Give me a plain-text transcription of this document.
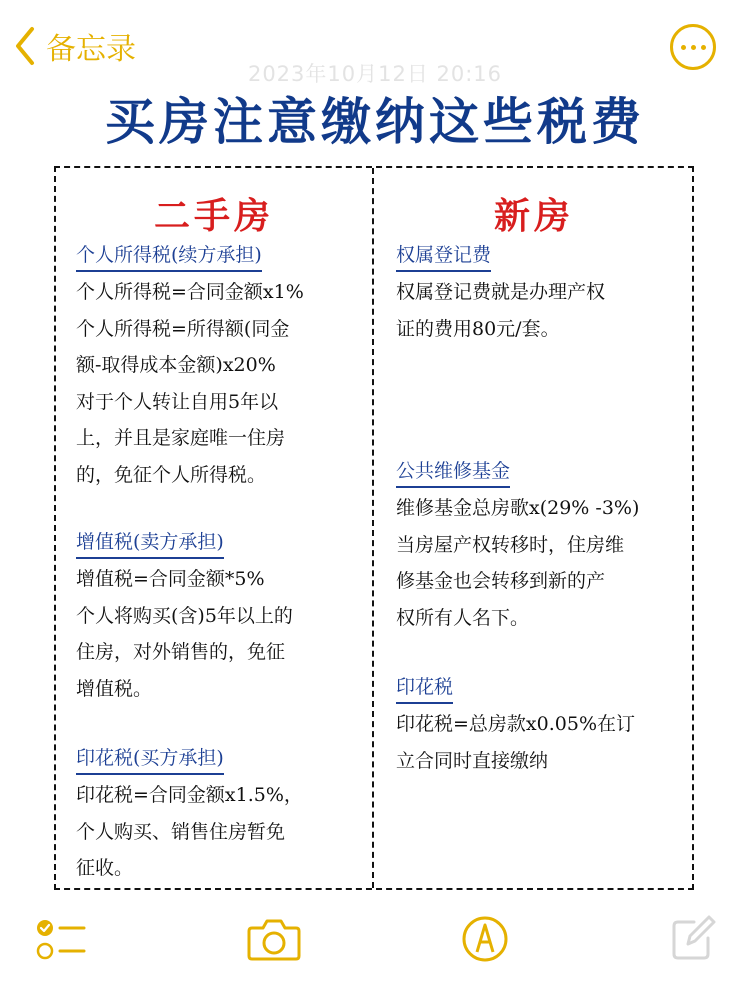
备忘录
2023年10月12日 20:16
买房注意缴纳这些税费
二手房
个人所得税(续方承担)
个人所得税=合同金额x1%
个人所得税=所得额(同金
额-取得成本金额)x20%
对于个人转让自用5年以
上，并且是家庭唯一住房
的，免征个人所得税。
增值税(卖方承担)
增值税=合同金额*5%
个人将购买(含)5年以上的
住房，对外销售的，免征
增值税。
印花税(买方承担)
印花税=合同金额x1.5%，
个人购买、销售住房暂免
征收。
新房
权属登记费
权属登记费就是办理产权
证的费用80元/套。
公共维修基金
维修基金总房歌x(29% -3%)
当房屋产权转移时，住房维
修基金也会转移到新的产
权所有人名下。
印花税
印花税=总房款x0.05%在订
立合同时直接缴纳
